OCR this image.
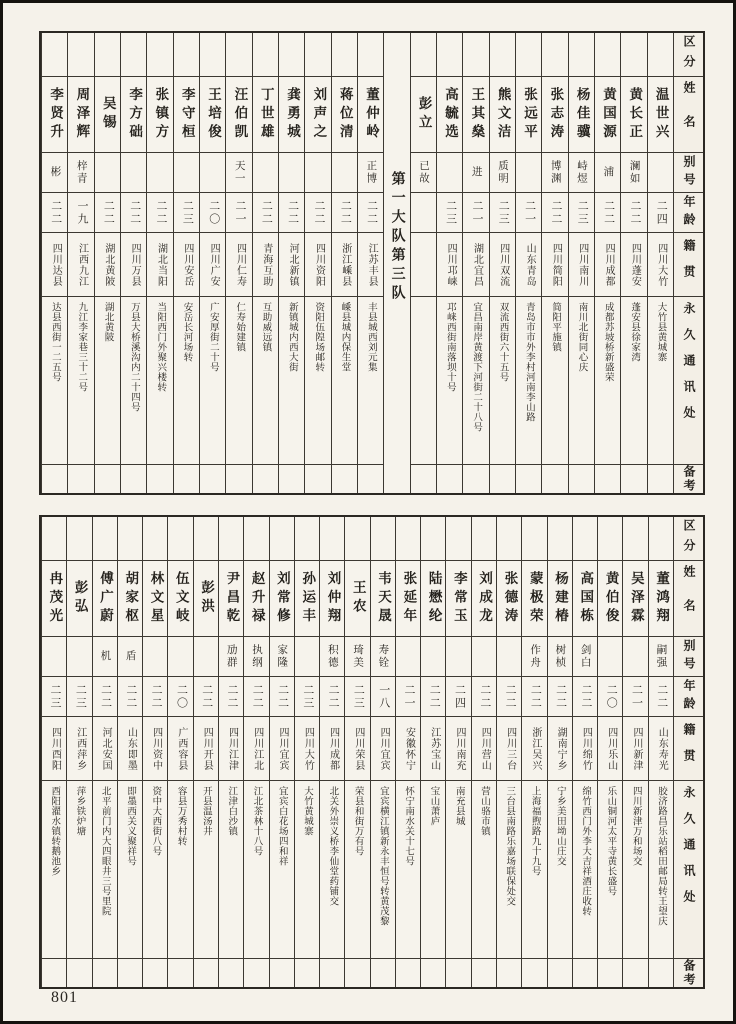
区分
姓名
别号
年龄
籍贯
永久通讯处
备考
温世兴
二四
四川大竹
大竹县黄城寨
黄长正
澜如
二二
四川蓬安
蓬安县徐家湾
黄国源
浦
二二
四川成都
成都苏坡桥新盛荣
杨佳骥
峙煜
二三
四川南川
南川北街同心庆
张志涛
博渊
二二
四川简阳
简阳平施镇
张远平
二一
山东青岛
青岛市市外李村河南李山路
熊文洁
质明
二三
四川双流
双流西街六十五号
王其燊
进
二一
湖北宜昌
宜昌南岸黄渡下河街二十八号
高毓选
二三
四川邛崃
邛崃西街南落坝十号
彭立
已故
第一大队第三队
董仲岭
正博
二二
江苏丰县
丰县城西刘元集
蒋位清
二二
浙江嵊县
嵊县城内保生堂
刘声之
二二
四川资阳
资阳伍隍场邮转
龚勇城
二二
河北新镇
新镇城内西大街
丁世雄
二二
青海互助
互助威远镇
汪伯凯
天一
二一
四川仁寿
仁寿始建镇
王培俊
二〇
四川广安
广安厚街二十号
李守桓
二三
四川安岳
安岳长河场转
张镇方
二二
湖北当阳
当阳西门外聚兴楼转
李方础
二二
四川万县
万县大桥溪沟内二十四号
吴锡
二二
湖北黄陂
湖北黄陂
周泽辉
梓青
一九
江西九江
九江李家巷三十二号
李贤升
彬
二二
四川达县
达县西街一二五号
区分
姓名
别号
年龄
籍贯
永久通讯处
备考
董鸿翔
嗣强
二二
山东寿光
胶济路昌乐站稻田邮局转王望庆
吴泽霖
二一
四川新津
四川新津万和场交
黄伯俊
二〇
四川乐山
乐山铜河太平寺黄长盛号
高国栋
剑白
二二
四川绵竹
绵竹西门外李大吉祥酒庄收转
杨建椿
树桢
二二
湖南宁乡
宁乡美田坳山庄交
蒙极荣
作舟
二二
浙江吴兴
上海福煦路九十九号
张德涛
二二
四川三台
三台县南路乐嘉场联保处交
刘成龙
二二
四川营山
营山骆市镇
李常玉
二四
四川南充
南充县城
陆懋纶
二二
江苏宝山
宝山萧庐
张延年
二一
安徽怀宁
怀宁南水关十七号
韦天晟
寿铨
一八
四川宜宾
宜宾横江镇新永丰恒号转黄茂黎
王农
琦美
二三
四川荣县
荣县和街万有号
刘仲翔
积德
二二
四川成都
北关外崇义桥李仙堂药铺交
孙运丰
二三
四川大竹
大竹黄城寨
刘常修
家隆
二二
四川宜宾
宜宾白花场四和祥
赵升禄
执纲
二二
四川江北
江北茶林十八号
尹昌乾
劢群
二二
四川江津
江津白沙镇
彭洪
二二
四川开县
开县温汤井
伍文岐
二〇
广西容县
容县万秀村转
林文星
二二
四川资中
资中大西街八号
胡家枢
盾
二二
山东即墨
即墨西关义聚祥号
傅广蔚
机
二二
河北安国
北平前门内大四眼井三号里院
彭弘
二三
江西萍乡
萍乡铁炉塘
冉茂光
二三
四川酉阳
酉阳濯水镇转鹅池乡
801
